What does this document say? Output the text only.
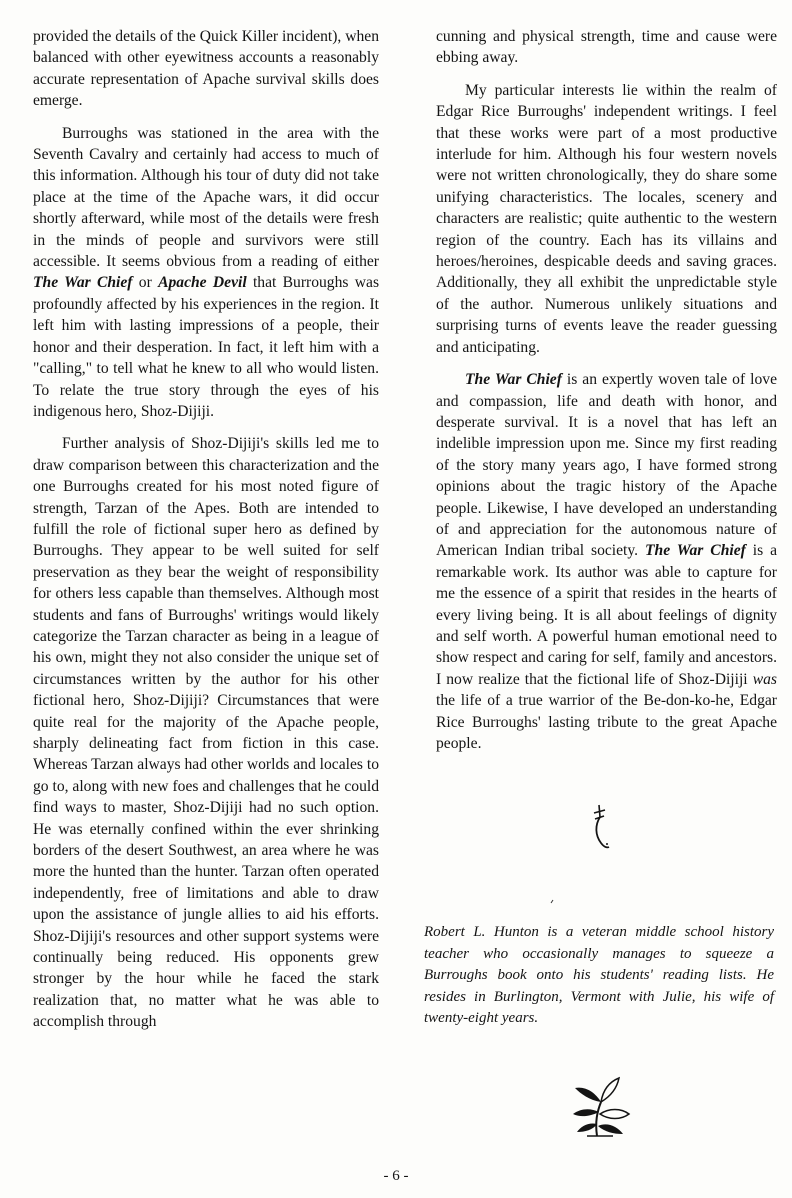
provided the details of the Quick Killer incident), when balanced with other eyewitness accounts a reasonably accurate representation of Apache survival skills does emerge.

Burroughs was stationed in the area with the Seventh Cavalry and certainly had access to much of this information. Although his tour of duty did not take place at the time of the Apache wars, it did occur shortly afterward, while most of the details were fresh in the minds of people and survivors were still accessible. It seems obvious from a reading of either The War Chief or Apache Devil that Burroughs was profoundly affected by his experiences in the region. It left him with lasting impressions of a people, their honor and their desperation. In fact, it left him with a "calling," to tell what he knew to all who would listen. To relate the true story through the eyes of his indigenous hero, Shoz-Dijiji.

Further analysis of Shoz-Dijiji's skills led me to draw comparison between this characterization and the one Burroughs created for his most noted figure of strength, Tarzan of the Apes. Both are intended to fulfill the role of fictional super hero as defined by Burroughs. They appear to be well suited for self preservation as they bear the weight of responsibility for others less capable than themselves. Although most students and fans of Burroughs' writings would likely categorize the Tarzan character as being in a league of his own, might they not also consider the unique set of circumstances written by the author for his other fictional hero, Shoz-Dijiji? Circumstances that were quite real for the majority of the Apache people, sharply delineating fact from fiction in this case. Whereas Tarzan always had other worlds and locales to go to, along with new foes and challenges that he could find ways to master, Shoz-Dijiji had no such option. He was eternally confined within the ever shrinking borders of the desert Southwest, an area where he was more the hunted than the hunter. Tarzan often operated independently, free of limitations and able to draw upon the assistance of jungle allies to aid his efforts. Shoz-Dijiji's resources and other support systems were continually being reduced. His opponents grew stronger by the hour while he faced the stark realization that, no matter what he was able to accomplish through

cunning and physical strength, time and cause were ebbing away.

My particular interests lie within the realm of Edgar Rice Burroughs' independent writings. I feel that these works were part of a most productive interlude for him. Although his four western novels were not written chronologically, they do share some unifying characteristics. The locales, scenery and characters are realistic; quite authentic to the western region of the country. Each has its villains and heroes/heroines, despicable deeds and saving graces. Additionally, they all exhibit the unpredictable style of the author. Numerous unlikely situations and surprising turns of events leave the reader guessing and anticipating.

The War Chief is an expertly woven tale of love and compassion, life and death with honor, and desperate survival. It is a novel that has left an indelible impression upon me. Since my first reading of the story many years ago, I have formed strong opinions about the tragic history of the Apache people. Likewise, I have developed an understanding of and appreciation for the autonomous nature of American Indian tribal society. The War Chief is a remarkable work. Its author was able to capture for me the essence of a spirit that resides in the hearts of every living being. It is all about feelings of dignity and self worth. A powerful human emotional need to show respect and caring for self, family and ancestors. I now realize that the fictional life of Shoz-Dijiji was the life of a true warrior of the Be-don-ko-he, Edgar Rice Burroughs' lasting tribute to the great Apache people.

Robert L. Hunton is a veteran middle school history teacher who occasionally manages to squeeze a Burroughs book onto his students' reading lists. He resides in Burlington, Vermont with Julie, his wife of twenty-eight years.

- 6 -
